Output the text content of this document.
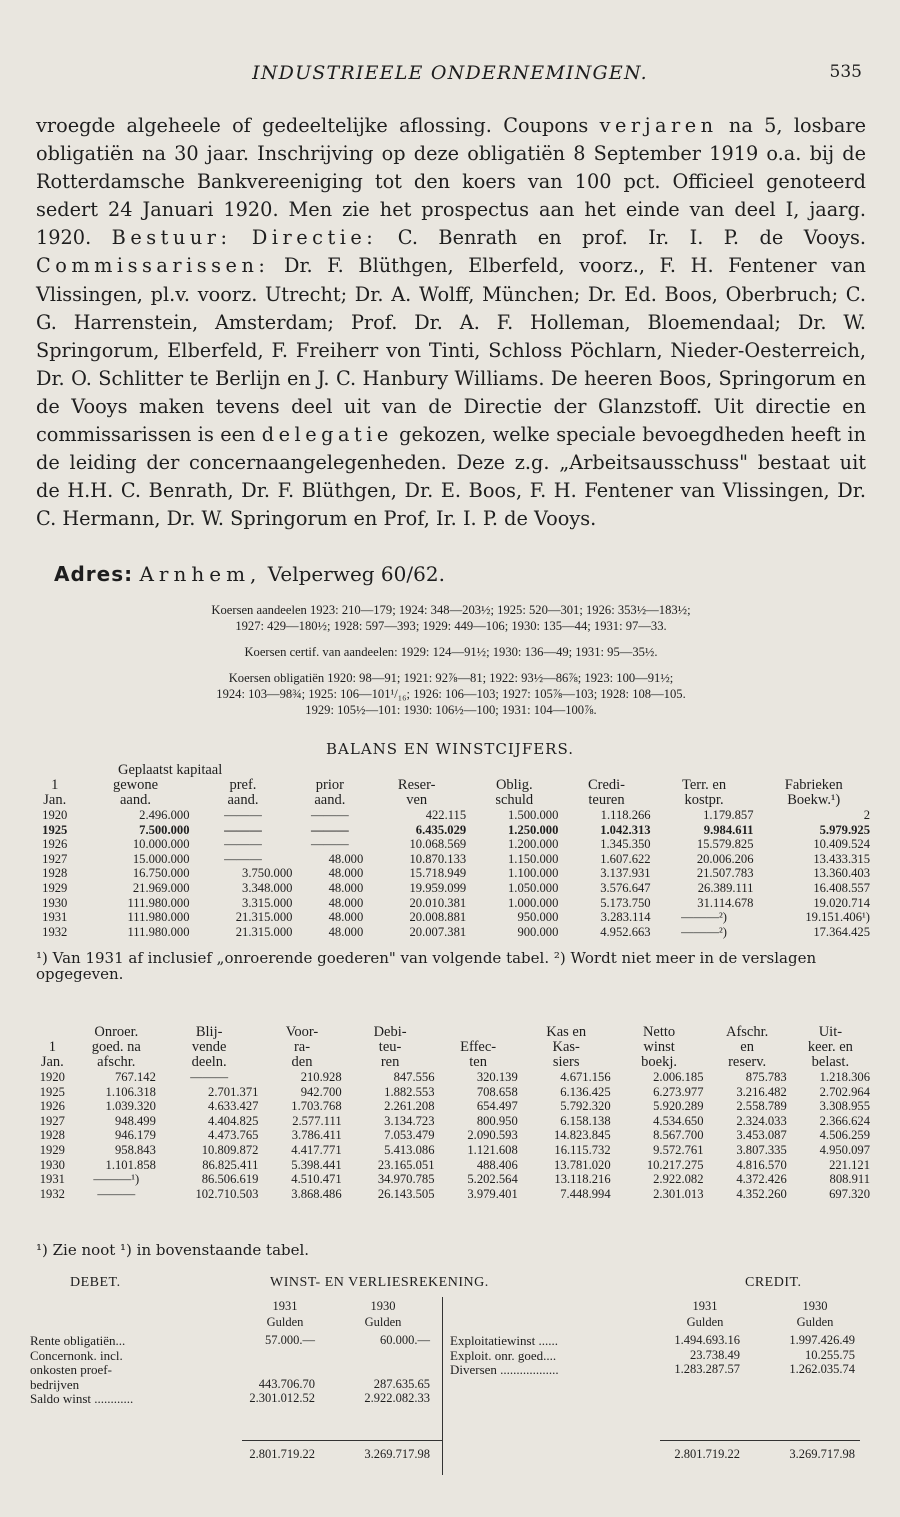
INDUSTRIEELE ONDERNEMINGEN.	535

vroegde algeheele of gedeeltelijke aflossing. Coupons verjaren na 5, losbare obligatiën na 30 jaar. Inschrijving op deze obligatiën 8 September 1919 o.a. bij de Rotterdamsche Bankvereeniging tot den koers van 100 pct. Officieel genoteerd sedert 24 Januari 1920. Men zie het prospectus aan het einde van deel I, jaarg. 1920. Bestuur: Directie: C. Benrath en prof. Ir. I. P. de Vooys. Commissarissen: Dr. F. Blüthgen, Elberfeld, voorz., F. H. Fentener van Vlissingen, pl.v. voorz. Utrecht; Dr. A. Wolff, München; Dr. Ed. Boos, Oberbruch; C. G. Harrenstein, Amsterdam; Prof. Dr. A. F. Holleman, Bloemendaal; Dr. W. Springorum, Elberfeld, F. Freiherr von Tinti, Schloss Pöchlarn, Nieder-Oesterreich, Dr. O. Schlitter te Berlijn en J. C. Hanbury Williams. De heeren Boos, Springorum en de Vooys maken tevens deel uit van de Directie der Glanzstoff. Uit directie en commissarissen is een delegatie gekozen, welke speciale bevoegdheden heeft in de leiding der concernaangelegenheden. Deze z.g. „Arbeitsausschuss" bestaat uit de H.H. C. Benrath, Dr. F. Blüthgen, Dr. E. Boos, F. H. Fentener van Vlissingen, Dr. C. Hermann, Dr. W. Springorum en Prof, Ir. I. P. de Vooys.

Adres: Arnhem, Velperweg 60/62.
Koersen aandeelen 1923: 210—179; 1924: 348—203½; 1925: 520—301; 1926: 353½—183½;
1927: 429—180½; 1928: 597—393; 1929: 449—106; 1930: 135—44; 1931: 97—33.
Koersen certif. van aandeelen: 1929: 124—91½; 1930: 136—49; 1931: 95—35½.
Koersen obligatiën 1920: 98—91; 1921: 92⅞—81; 1922: 93½—86⅞; 1923: 100—91½;
1924: 103—98¾; 1925: 106—101¹/₁₆; 1926: 106—103; 1927: 105⅞—103; 1928: 108—105.
1929: 105½—101: 1930: 106½—100; 1931: 104—100⅞.
BALANS EN WINSTCIJFERS.
Geplaatst kapitaal
1	gewone	pref.	prior	Reser-	Oblig.	Credi-	Terr. en	Fabrieken
Jan.	aand.	aand.	aand.	ven	schuld	teuren	kostpr.	Boekw.¹)
1920	2.496.000	———	———	422.115	1.500.000	1.118.266	1.179.857	2
1925	7.500.000	———	———	6.435.029	1.250.000	1.042.313	9.984.611	5.979.925
1926	10.000.000	———	———	10.068.569	1.200.000	1.345.350	15.579.825	10.409.524
1927	15.000.000	———	48.000	10.870.133	1.150.000	1.607.622	20.006.206	13.433.315
1928	16.750.000	3.750.000	48.000	15.718.949	1.100.000	3.137.931	21.507.783	13.360.403
1929	21.969.000	3.348.000	48.000	19.959.099	1.050.000	3.576.647	26.389.111	16.408.557
1930	111.980.000	3.315.000	48.000	20.010.381	1.000.000	5.173.750	31.114.678	19.020.714
1931	111.980.000	21.315.000	48.000	20.008.881	950.000	3.283.114	———²)	19.151.406¹)
1932	111.980.000	21.315.000	48.000	20.007.381	900.000	4.952.663	———²)	17.364.425
¹) Van 1931 af inclusief „onroerende goederen" van volgende tabel. ²) Wordt niet meer in de verslagen opgegeven.
	Onroer.	Blij-	Voor-	Debi-		Kas en	Netto	Afschr.	Uit-
1	goed. na	vende	ra-	teu-	Effec-	Kas-	winst	en	keer. en
Jan.	afschr.	deeln.	den	ren	ten	siers	boekj.	reserv.	belast.
1920	767.142	———	210.928	847.556	320.139	4.671.156	2.006.185	875.783	1.218.306
1925	1.106.318	2.701.371	942.700	1.882.553	708.658	6.136.425	6.273.977	3.216.482	2.702.964
1926	1.039.320	4.633.427	1.703.768	2.261.208	654.497	5.792.320	5.920.289	2.558.789	3.308.955
1927	948.499	4.404.825	2.577.111	3.134.723	800.950	6.158.138	4.534.650	2.324.033	2.366.624
1928	946.179	4.473.765	3.786.411	7.053.479	2.090.593	14.823.845	8.567.700	3.453.087	4.506.259
1929	958.843	10.809.872	4.417.771	5.413.086	1.121.608	16.115.732	9.572.761	3.807.335	4.950.097
1930	1.101.858	86.825.411	5.398.441	23.165.051	488.406	13.781.020	10.217.275	4.816.570	221.121
1931	———¹)	86.506.619	4.510.471	34.970.785	5.202.564	13.118.216	2.922.082	4.372.426	808.911
1932	———	102.710.503	3.868.486	26.143.505	3.979.401	7.448.994	2.301.013	4.352.260	697.320
¹) Zie noot ¹) in bovenstaande tabel.
DEBET.	WINST- EN VERLIESREKENING.	CREDIT.
1931	1930
Gulden	Gulden
1931	1930
Gulden	Gulden
Rente obligatiën...	57.000.—	60.000.—
Concernonk. incl.
onkosten proef-
bedrijven	443.706.70	287.635.65
Saldo winst ............	2.301.012.52	2.922.082.33
Exploitatiewinst ......	1.494.693.16	1.997.426.49
Exploit. onr. goed....	23.738.49	10.255.75
Diversen ..................	1.283.287.57	1.262.035.74
2.801.719.22	3.269.717.98	2.801.719.22	3.269.717.98
